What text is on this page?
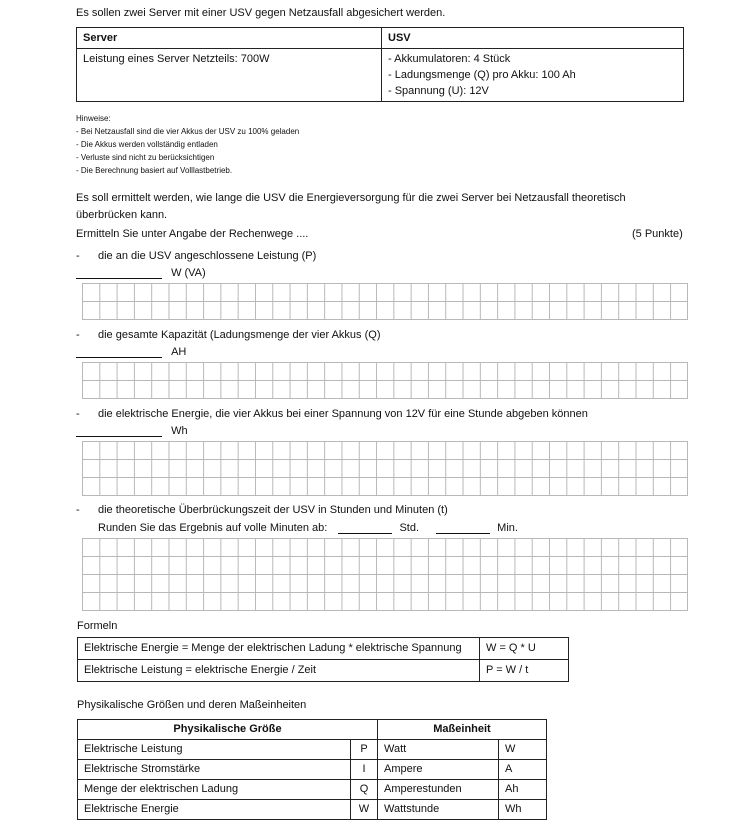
Es sollen zwei Server mit einer USV gegen Netzausfall abgesichert werden.
Server	USV
Leistung eines Server Netzteils: 700W	- Akkumulatoren: 4 Stück
- Ladungsmenge (Q) pro Akku: 100 Ah
- Spannung (U): 12V
Hinweise:
- Bei Netzausfall sind die vier Akkus der USV zu 100% geladen
- Die Akkus werden vollständig entladen
- Verluste sind nicht zu berücksichtigen
- Die Berechnung basiert auf Volllastbetrieb.
Es soll ermittelt werden, wie lange die USV die Energieversorgung für die zwei Server bei Netzausfall theoretisch
überbrücken kann.
Ermitteln Sie unter Angabe der Rechenwege ....	(5 Punkte)
- die an die USV angeschlossene Leistung (P)
W (VA)
- die gesamte Kapazität (Ladungsmenge der vier Akkus (Q)
AH
- die elektrische Energie, die vier Akkus bei einer Spannung von 12V für eine Stunde abgeben können
Wh
- die theoretische Überbrückungszeit der USV in Stunden und Minuten (t)
Runden Sie das Ergebnis auf volle Minuten ab:	Std.	Min.
Formeln
Elektrische Energie = Menge der elektrischen Ladung * elektrische Spannung	W = Q * U
Elektrische Leistung = elektrische Energie / Zeit	P = W / t
Physikalische Größen und deren Maßeinheiten
Physikalische Größe		Maßeinheit	
Elektrische Leistung	P	Watt	W
Elektrische Stromstärke	I	Ampere	A
Menge der elektrischen Ladung	Q	Amperestunden	Ah
Elektrische Energie	W	Wattstunde	Wh
